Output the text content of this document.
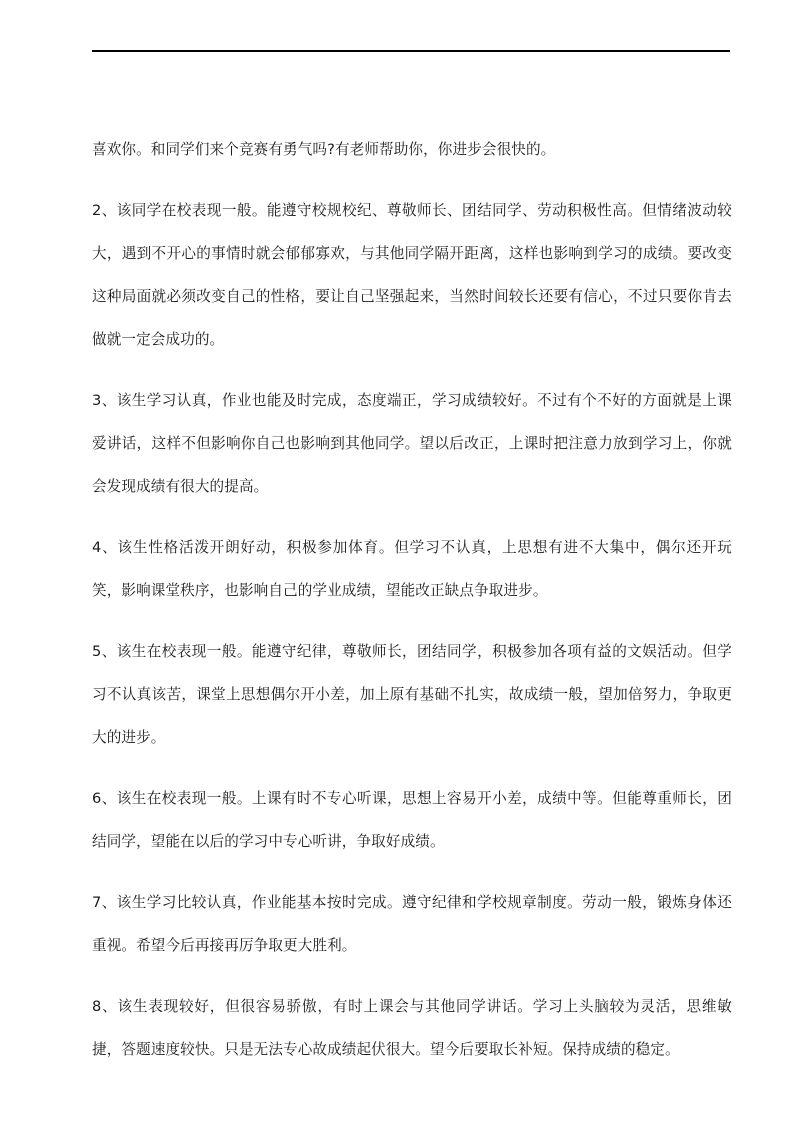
喜欢你。和同学们来个竞赛有勇气吗?有老师帮助你，你进步会很快的。

2、该同学在校表现一般。能遵守校规校纪、尊敬师长、团结同学、劳动积极性高。但情绪波动较大，遇到不开心的事情时就会郁郁寡欢，与其他同学隔开距离，这样也影响到学习的成绩。要改变这种局面就必须改变自己的性格，要让自己坚强起来，当然时间较长还要有信心，不过只要你肯去做就一定会成功的。

3、该生学习认真，作业也能及时完成，态度端正，学习成绩较好。不过有个不好的方面就是上课爱讲话，这样不但影响你自己也影响到其他同学。望以后改正，上课时把注意力放到学习上，你就会发现成绩有很大的提高。

4、该生性格活泼开朗好动，积极参加体育。但学习不认真，上思想有进不大集中，偶尔还开玩笑，影响课堂秩序，也影响自己的学业成绩，望能改正缺点争取进步。

5、该生在校表现一般。能遵守纪律，尊敬师长，团结同学，积极参加各项有益的文娱活动。但学习不认真该苦，课堂上思想偶尔开小差，加上原有基础不扎实，故成绩一般，望加倍努力，争取更大的进步。

6、该生在校表现一般。上课有时不专心听课，思想上容易开小差，成绩中等。但能尊重师长，团结同学，望能在以后的学习中专心听讲，争取好成绩。

7、该生学习比较认真，作业能基本按时完成。遵守纪律和学校规章制度。劳动一般，锻炼身体还重视。希望今后再接再厉争取更大胜利。

8、该生表现较好，但很容易骄傲，有时上课会与其他同学讲话。学习上头脑较为灵活，思维敏捷，答题速度较快。只是无法专心故成绩起伏很大。望今后要取长补短。保持成绩的稳定。
